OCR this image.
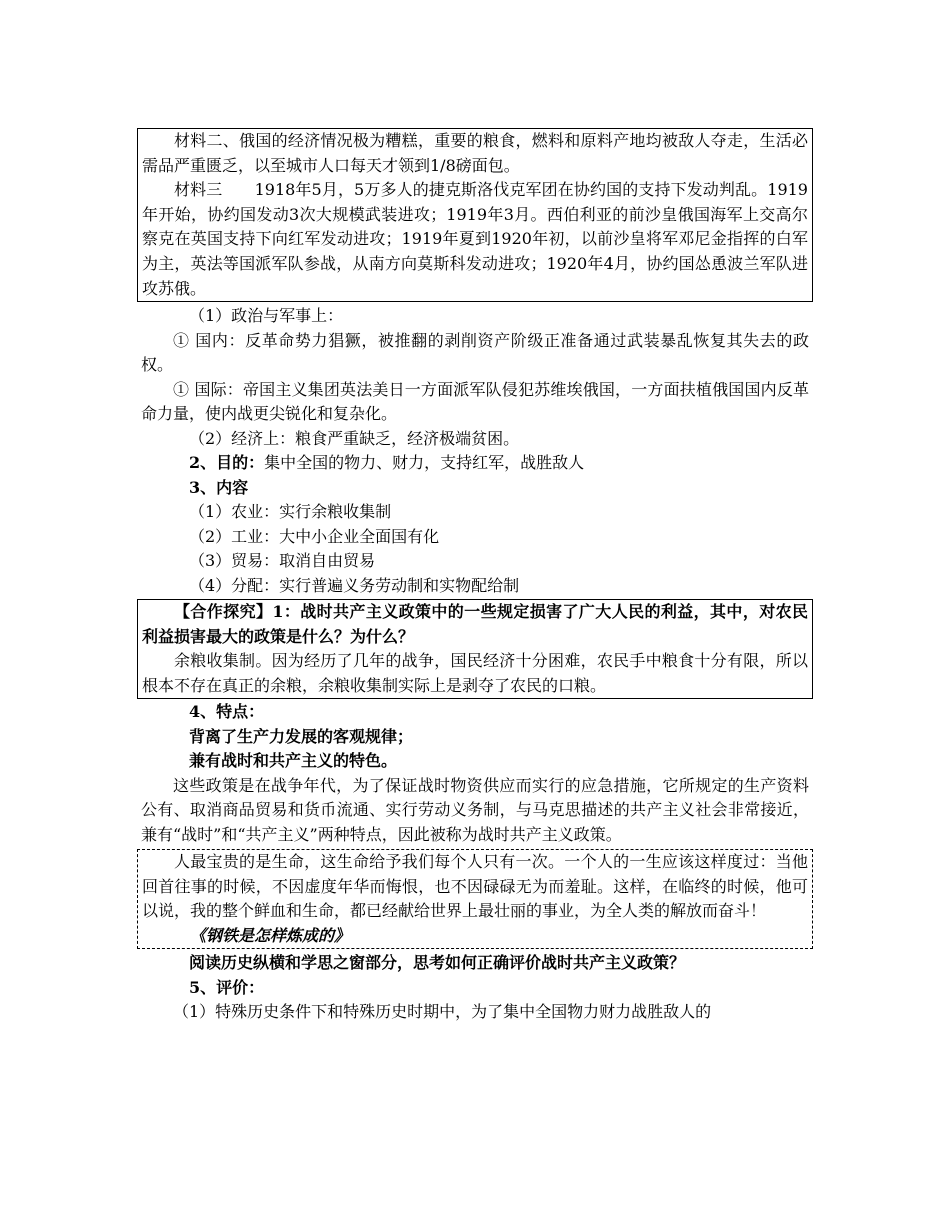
材料二、俄国的经济情况极为糟糕，重要的粮食，燃料和原料产地均被敌人夺走，生活必需品严重匮乏，以至城市人口每天才领到1/8磅面包。

材料三　　1918年5月，5万多人的捷克斯洛伐克军团在协约国的支持下发动判乱。1919年开始，协约国发动3次大规模武装进攻；1919年3月。西伯利亚的前沙皇俄国海军上交高尔察克在英国支持下向红军发动进攻；1919年夏到1920年初，以前沙皇将军邓尼金指挥的白军为主，英法等国派军队参战，从南方向莫斯科发动进攻；1920年4月，协约国怂恿波兰军队进攻苏俄。

（1）政治与军事上：

① 国内：反革命势力猖獗，被推翻的剥削资产阶级正准备通过武装暴乱恢复其失去的政权。

① 国际：帝国主义集团英法美日一方面派军队侵犯苏维埃俄国，一方面扶植俄国国内反革命力量，使内战更尖锐化和复杂化。

（2）经济上：粮食严重缺乏，经济极端贫困。

2、目的：集中全国的物力、财力，支持红军，战胜敌人

3、内容

（1）农业：实行余粮收集制

（2）工业：大中小企业全面国有化

（3）贸易：取消自由贸易

（4）分配：实行普遍义务劳动制和实物配给制

【合作探究】1：战时共产主义政策中的一些规定损害了广大人民的利益，其中，对农民利益损害最大的政策是什么？为什么？

余粮收集制。因为经历了几年的战争，国民经济十分困难，农民手中粮食十分有限，所以根本不存在真正的余粮，余粮收集制实际上是剥夺了农民的口粮。

4、特点：

背离了生产力发展的客观规律；

兼有战时和共产主义的特色。

这些政策是在战争年代，为了保证战时物资供应而实行的应急措施，它所规定的生产资料公有、取消商品贸易和货币流通、实行劳动义务制，与马克思描述的共产主义社会非常接近，兼有“战时”和“共产主义”两种特点，因此被称为战时共产主义政策。

人最宝贵的是生命，这生命给予我们每个人只有一次。一个人的一生应该这样度过：当他回首往事的时候，不因虚度年华而悔恨，也不因碌碌无为而羞耻。这样，在临终的时候，他可以说，我的整个鲜血和生命，都已经献给世界上最壮丽的事业，为全人类的解放而奋斗！

《钢铁是怎样炼成的》

阅读历史纵横和学思之窗部分，思考如何正确评价战时共产主义政策？

5、评价：

（1）特殊历史条件下和特殊历史时期中，为了集中全国物力财力战胜敌人的
